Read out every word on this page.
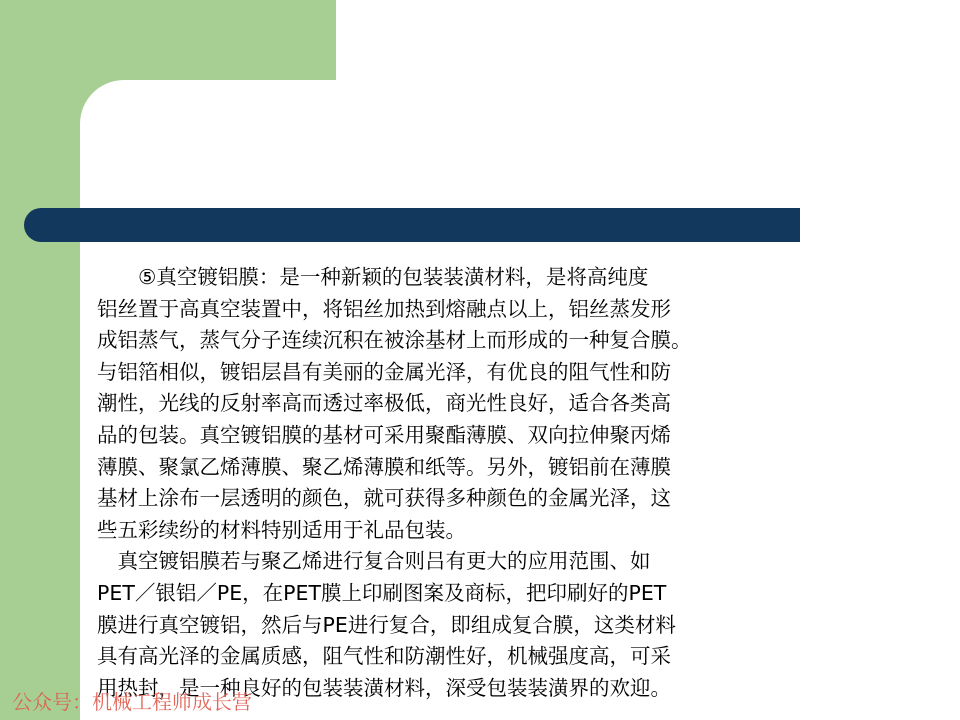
　　⑤真空镀铝膜：是一种新颖的包装装潢材料，是将高纯度
铝丝置于高真空装置中，将铝丝加热到熔融点以上，铝丝蒸发形
成铝蒸气，蒸气分子连续沉积在被涂基材上而形成的一种复合膜。
与铝箔相似，镀铝层昌有美丽的金属光泽，有优良的阻气性和防
潮性，光线的反射率高而透过率极低，商光性良好，适合各类高
品的包装。真空镀铝膜的基材可采用聚酯薄膜、双向拉伸聚丙烯
薄膜、聚氯乙烯薄膜、聚乙烯薄膜和纸等。另外，镀铝前在薄膜
基材上涂布一层透明的颜色，就可获得多种颜色的金属光泽，这
些五彩续纷的材料特别适用于礼品包装。
　真空镀铝膜若与聚乙烯进行复合则吕有更大的应用范围、如
PET／银铝／PE，在PET膜上印刷图案及商标，把印刷好的PET
膜进行真空镀铝，然后与PE进行复合，即组成复合膜，这类材料
具有高光泽的金属质感，阻气性和防潮性好，机械强度高，可采
用热封，是一种良好的包装装潢材料，深受包装装潢界的欢迎。
公众号：机械工程师成长营
